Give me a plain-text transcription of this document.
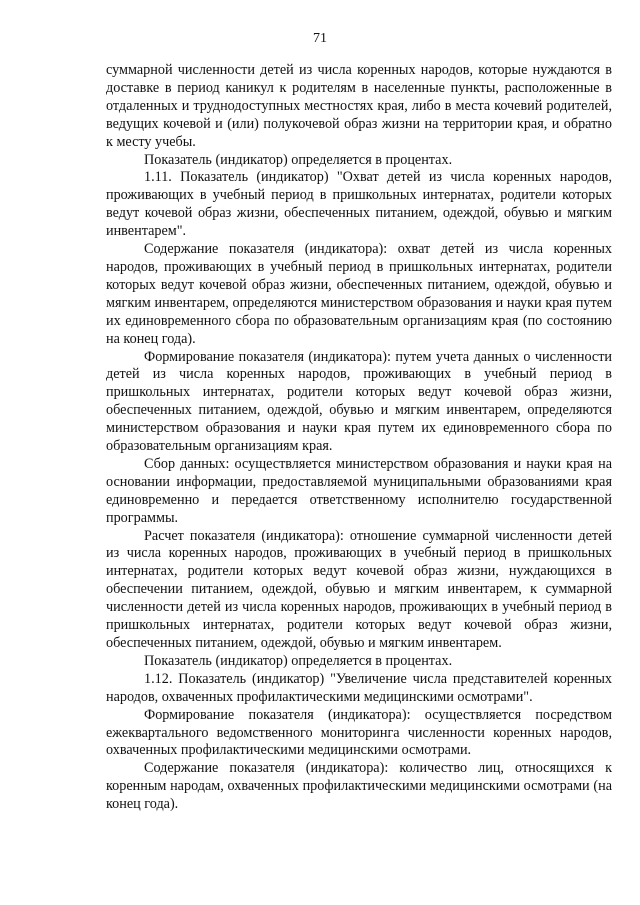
71

суммарной численности детей из числа коренных народов, которые нуждаются в доставке в период каникул к родителям в населенные пункты, расположенные в отдаленных и труднодоступных местностях края, либо в места кочевий родителей, ведущих кочевой и (или) полукочевой образ жизни на территории края, и обратно к месту учебы.

Показатель (индикатор) определяется в процентах.

1.11. Показатель (индикатор) "Охват детей из числа коренных народов, проживающих в учебный период в пришкольных интернатах, родители которых ведут кочевой образ жизни, обеспеченных питанием, одеждой, обувью и мягким инвентарем".

Содержание показателя (индикатора): охват детей из числа коренных народов, проживающих в учебный период в пришкольных интернатах, родители которых ведут кочевой образ жизни, обеспеченных питанием, одеждой, обувью и мягким инвентарем, определяются министерством образования и науки края путем их единовременного сбора по образовательным организациям края (по состоянию на конец года).

Формирование показателя (индикатора): путем учета данных о численности детей из числа коренных народов, проживающих в учебный период в пришкольных интернатах, родители которых ведут кочевой образ жизни, обеспеченных питанием, одеждой, обувью и мягким инвентарем, определяются министерством образования и науки края путем их единовременного сбора по образовательным организациям края.

Сбор данных: осуществляется министерством образования и науки края на основании информации, предоставляемой муниципальными образованиями края единовременно и передается ответственному исполнителю государственной программы.

Расчет показателя (индикатора): отношение суммарной численности детей из числа коренных народов, проживающих в учебный период в пришкольных интернатах, родители которых ведут кочевой образ жизни, нуждающихся в обеспечении питанием, одеждой, обувью и мягким инвентарем, к суммарной численности детей из числа коренных народов, проживающих в учебный период в пришкольных интернатах, родители которых ведут кочевой образ жизни, обеспеченных питанием, одеждой, обувью и мягким инвентарем.

Показатель (индикатор) определяется в процентах.

1.12. Показатель (индикатор) "Увеличение числа представителей коренных народов, охваченных профилактическими медицинскими осмотрами".

Формирование показателя (индикатора): осуществляется посредством ежеквартального ведомственного мониторинга численности коренных народов, охваченных профилактическими медицинскими осмотрами.

Содержание показателя (индикатора): количество лиц, относящихся к коренным народам, охваченных профилактическими медицинскими осмотрами (на конец года).
